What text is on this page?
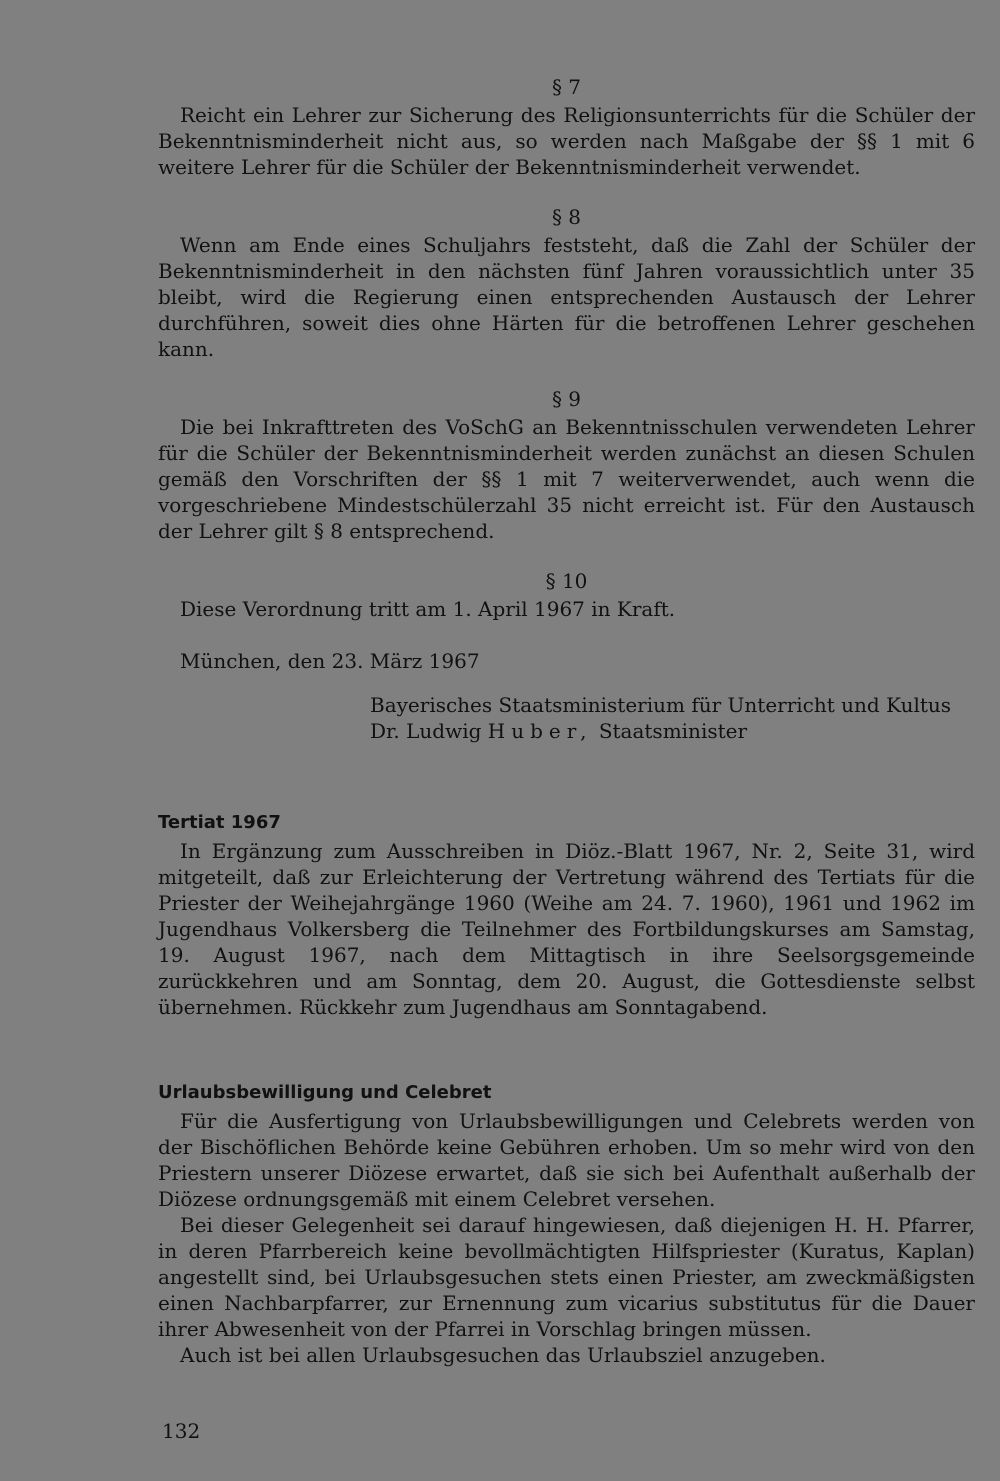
§ 7

Reicht ein Lehrer zur Sicherung des Religionsunterrichts für die Schüler der Bekenntnisminderheit nicht aus, so werden nach Maßgabe der §§ 1 mit 6 weitere Lehrer für die Schüler der Bekenntnisminderheit verwendet.

§ 8

Wenn am Ende eines Schuljahrs feststeht, daß die Zahl der Schüler der Bekenntnisminderheit in den nächsten fünf Jahren voraussichtlich unter 35 bleibt, wird die Regierung einen entsprechenden Austausch der Lehrer durchführen, soweit dies ohne Härten für die betroffenen Lehrer geschehen kann.

§ 9

Die bei Inkrafttreten des VoSchG an Bekenntnisschulen verwendeten Lehrer für die Schüler der Bekenntnisminderheit werden zunächst an diesen Schulen gemäß den Vorschriften der §§ 1 mit 7 weiterverwendet, auch wenn die vorgeschriebene Mindestschülerzahl 35 nicht erreicht ist. Für den Austausch der Lehrer gilt § 8 entsprechend.

§ 10

Diese Verordnung tritt am 1. April 1967 in Kraft.

München, den 23. März 1967

Bayerisches Staatsministerium für Unterricht und Kultus
Dr. Ludwig Huber, Staatsminister
Tertiat 1967

In Ergänzung zum Ausschreiben in Diöz.-Blatt 1967, Nr. 2, Seite 31, wird mitgeteilt, daß zur Erleichterung der Vertretung während des Tertiats für die Priester der Weihejahrgänge 1960 (Weihe am 24. 7. 1960), 1961 und 1962 im Jugendhaus Volkersberg die Teilnehmer des Fortbildungskurses am Samstag, 19. August 1967, nach dem Mittagtisch in ihre Seelsorgsgemeinde zurückkehren und am Sonntag, dem 20. August, die Gottesdienste selbst übernehmen. Rückkehr zum Jugendhaus am Sonntagabend.

Urlaubsbewilligung und Celebret

Für die Ausfertigung von Urlaubsbewilligungen und Celebrets werden von der Bischöflichen Behörde keine Gebühren erhoben. Um so mehr wird von den Priestern unserer Diözese erwartet, daß sie sich bei Aufenthalt außerhalb der Diözese ordnungsgemäß mit einem Celebret versehen.

Bei dieser Gelegenheit sei darauf hingewiesen, daß diejenigen H. H. Pfarrer, in deren Pfarrbereich keine bevollmächtigten Hilfspriester (Kuratus, Kaplan) angestellt sind, bei Urlaubsgesuchen stets einen Priester, am zweckmäßigsten einen Nachbarpfarrer, zur Ernennung zum vicarius substitutus für die Dauer ihrer Abwesenheit von der Pfarrei in Vorschlag bringen müssen.

Auch ist bei allen Urlaubsgesuchen das Urlaubsziel anzugeben.

132
